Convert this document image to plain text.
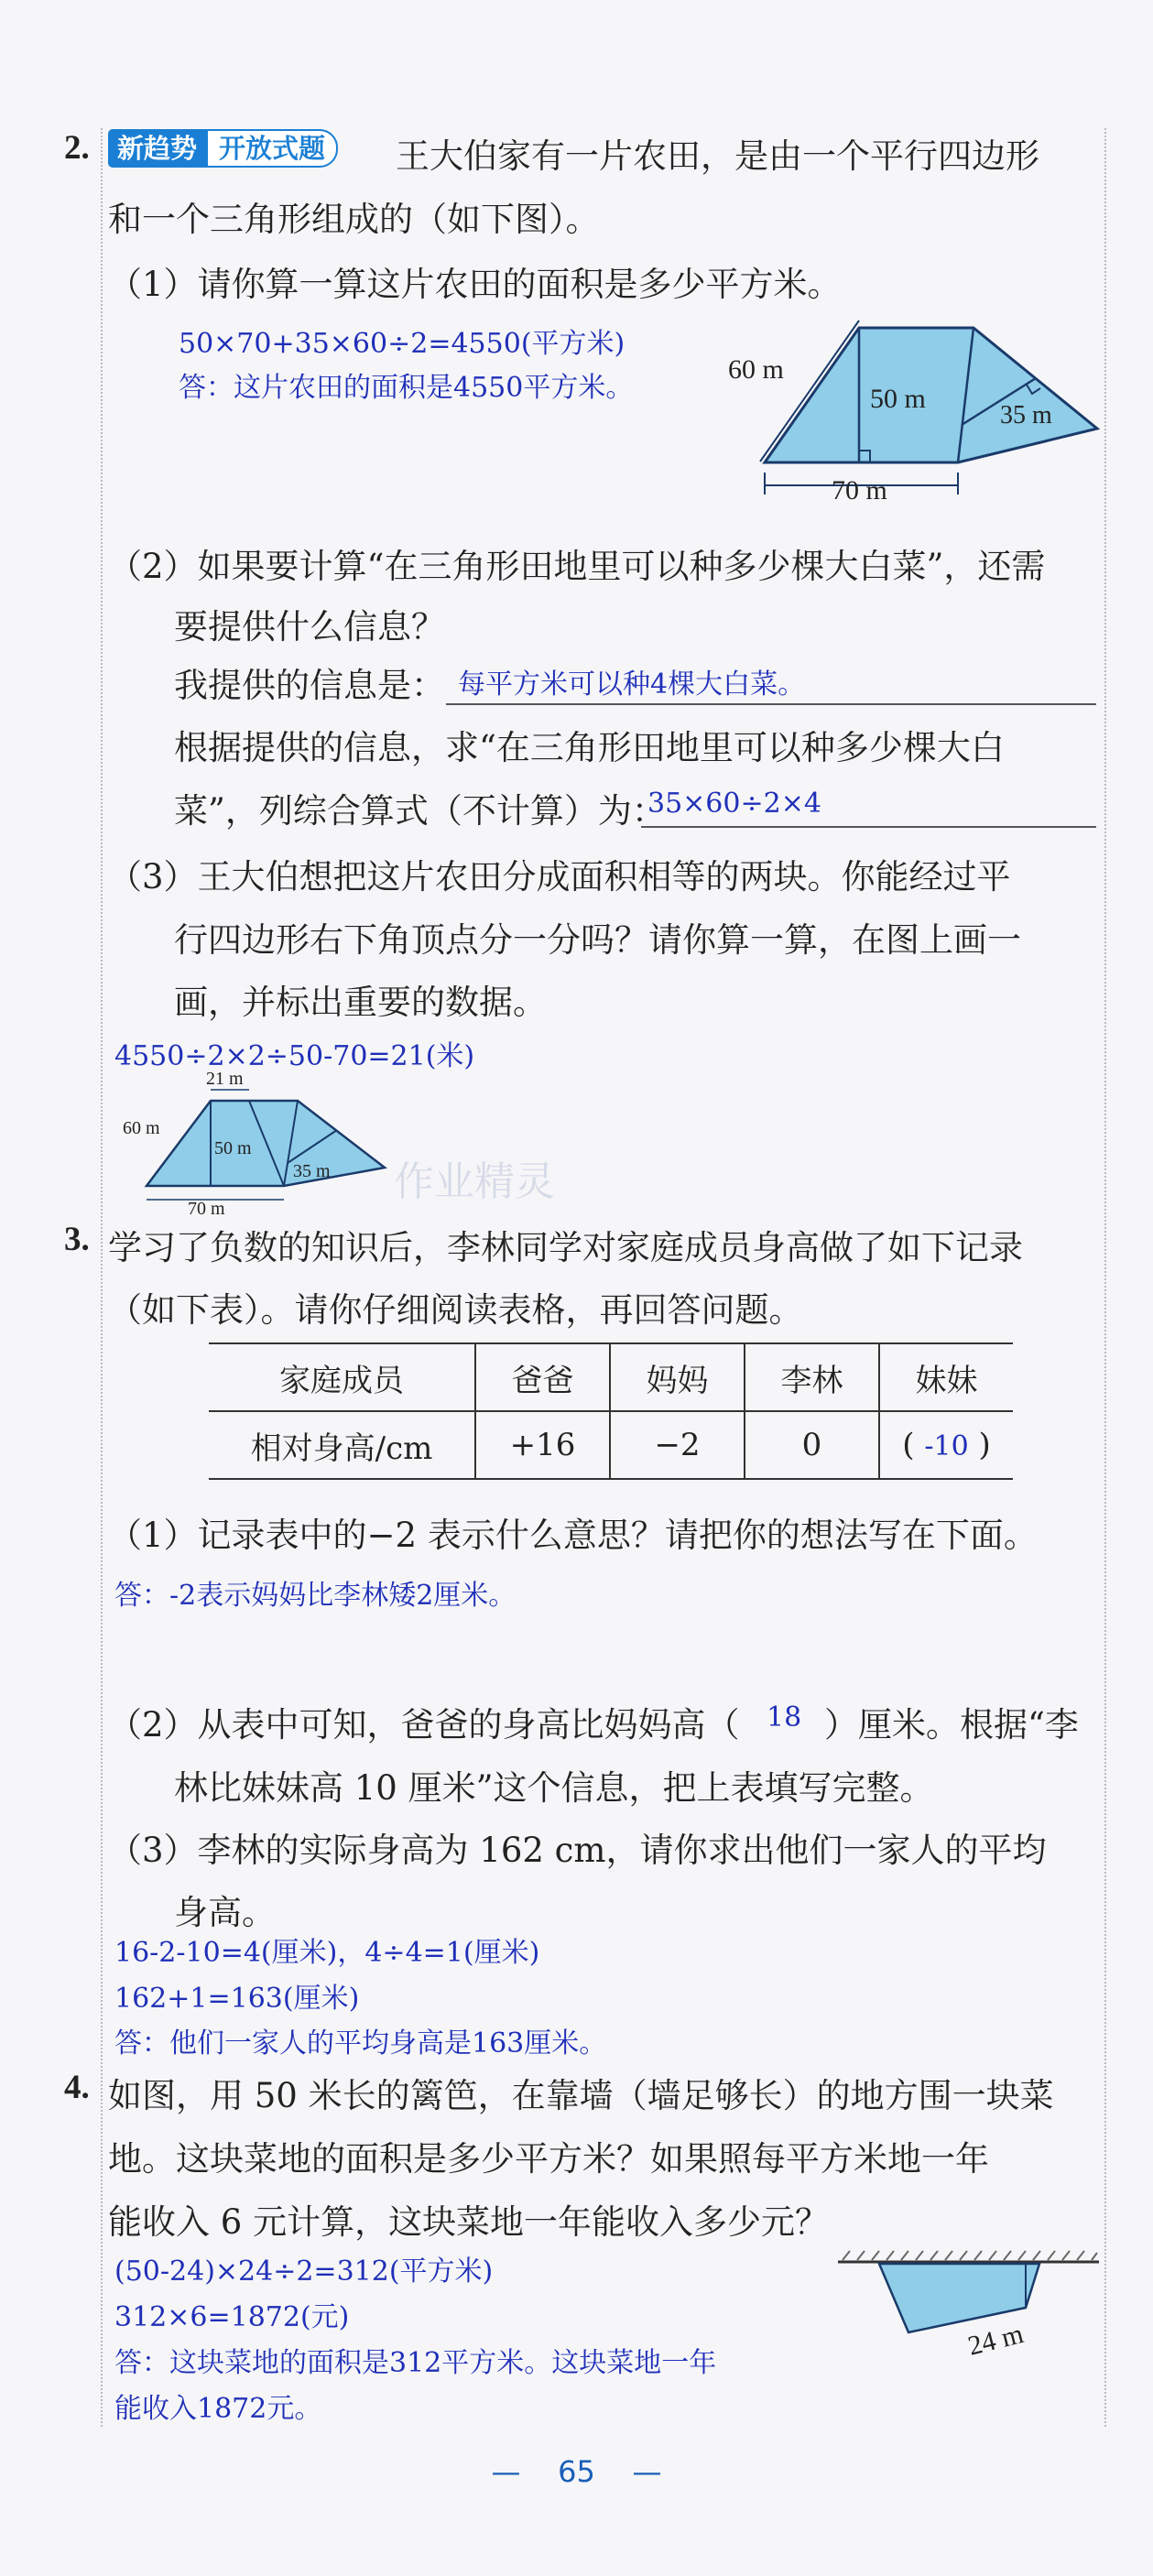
2.	新趋势 开放式题	王大伯家有一片农田，是由一个平行四边形
和一个三角形组成的（如下图）。
（1）请你算一算这片农田的面积是多少平方米。
50×70+35×60÷2=4550(平方米)
答：这片农田的面积是4550平方米。
60 m
50 m
35 m
70 m
（2）如果要计算“在三角形田地里可以种多少棵大白菜”，还需
要提供什么信息？
我提供的信息是： 每平方米可以种4棵大白菜。
根据提供的信息，求“在三角形田地里可以种多少棵大白
菜”，列综合算式（不计算）为：
35×60÷2×4
（3）王大伯想把这片农田分成面积相等的两块。你能经过平
行四边形右下角顶点分一分吗？请你算一算，在图上画一
画，并标出重要的数据。
4550÷2×2÷50-70=21(米)
作业精灵
21 m
60 m
50 m
35 m
70 m
3. 学习了负数的知识后，李林同学对家庭成员身高做了如下记录
（如下表）。请你仔细阅读表格，再回答问题。
家庭成员	爸爸	妈妈	李林	妹妹
相对身高/cm	+16	−2	0	( -10 )
（1）记录表中的−2 表示什么意思？请把你的想法写在下面。
答：-2表示妈妈比李林矮2厘米。
（2）从表中可知，爸爸的身高比妈妈高（ 18 ）厘米。根据“李
林比妹妹高 10 厘米”这个信息，把上表填写完整。
（3）李林的实际身高为 162 cm，请你求出他们一家人的平均
身高。
16-2-10=4(厘米)，4÷4=1(厘米)
162+1=163(厘米)
答：他们一家人的平均身高是163厘米。
4. 如图，用 50 米长的篱笆，在靠墙（墙足够长）的地方围一块菜
地。这块菜地的面积是多少平方米？如果照每平方米地一年
能收入 6 元计算，这块菜地一年能收入多少元？
(50-24)×24÷2=312(平方米)
312×6=1872(元)
答：这块菜地的面积是312平方米。这块菜地一年
能收入1872元。
24 m
— 65 —
